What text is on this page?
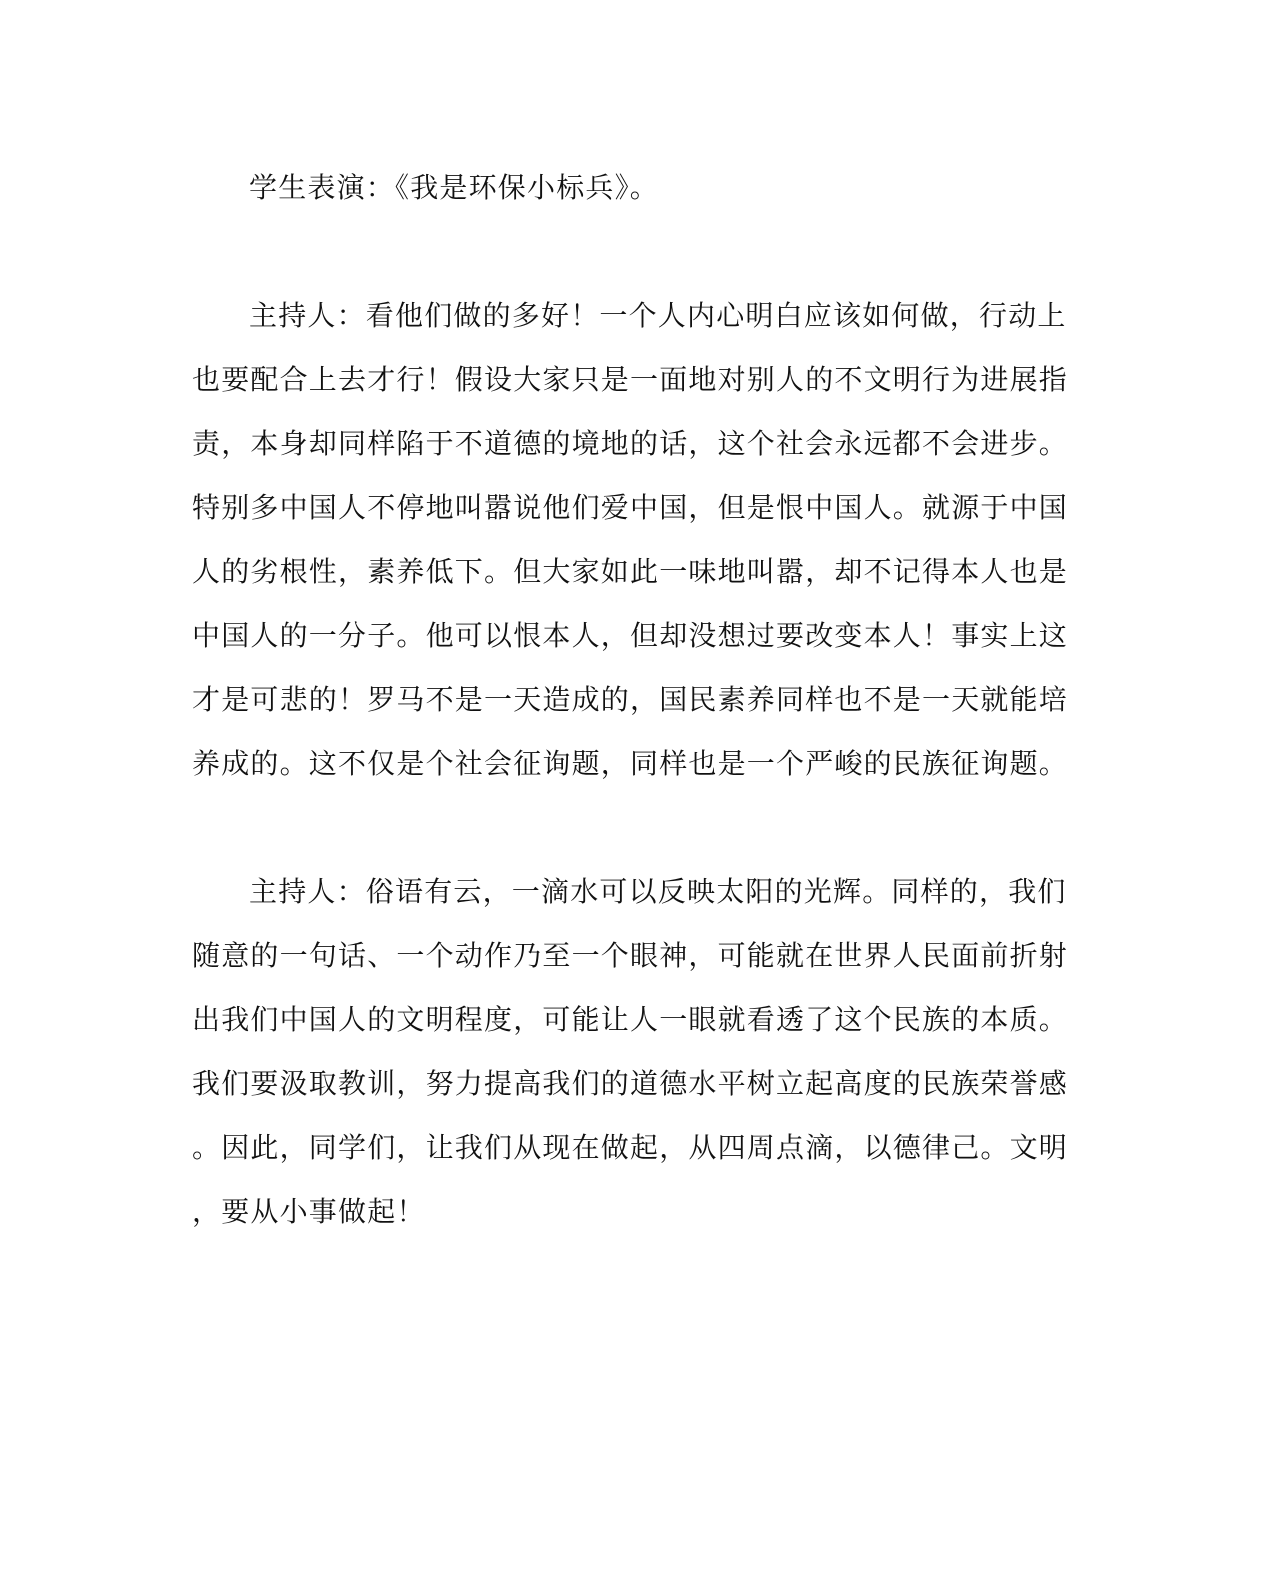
学生表演：《我是环保小标兵》。

主持人：看他们做的多好！一个人内心明白应该如何做，行动上
也要配合上去才行！假设大家只是一面地对别人的不文明行为进展指
责，本身却同样陷于不道德的境地的话，这个社会永远都不会进步。
特别多中国人不停地叫嚣说他们爱中国，但是恨中国人。就源于中国
人的劣根性，素养低下。但大家如此一味地叫嚣，却不记得本人也是
中国人的一分子。他可以恨本人，但却没想过要改变本人！事实上这
才是可悲的！罗马不是一天造成的，国民素养同样也不是一天就能培
养成的。这不仅是个社会征询题，同样也是一个严峻的民族征询题。

主持人：俗语有云，一滴水可以反映太阳的光辉。同样的，我们
随意的一句话、一个动作乃至一个眼神，可能就在世界人民面前折射
出我们中国人的文明程度，可能让人一眼就看透了这个民族的本质。
我们要汲取教训，努力提高我们的道德水平树立起高度的民族荣誉感
。因此，同学们，让我们从现在做起，从四周点滴，以德律己。文明
，要从小事做起！
